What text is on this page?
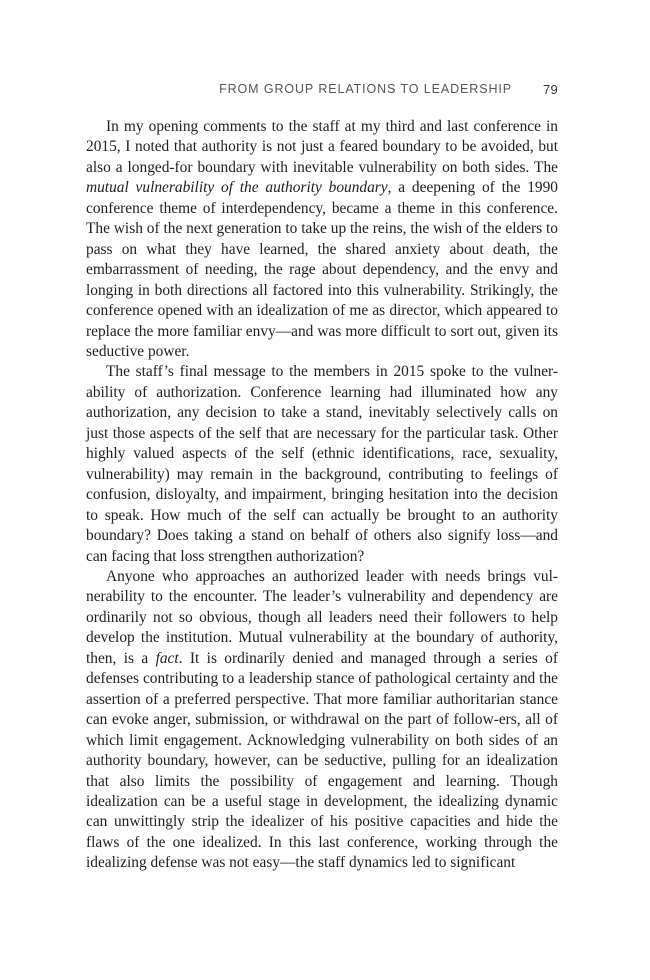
FROM GROUP RELATIONS TO LEADERSHIP 79

In my opening comments to the staff at my third and last conference in 2015, I noted that authority is not just a feared boundary to be avoided, but also a longed-for boundary with inevitable vulnerability on both sides. The mutual vulnerability of the authority boundary, a deepening of the 1990 conference theme of interdependency, became a theme in this conference. The wish of the next generation to take up the reins, the wish of the elders to pass on what they have learned, the shared anxiety about death, the embarrassment of needing, the rage about dependency, and the envy and longing in both directions all factored into this vulnerability. Strikingly, the conference opened with an idealization of me as director, which appeared to replace the more familiar envy—and was more difficult to sort out, given its seductive power.

The staff’s final message to the members in 2015 spoke to the vulner-ability of authorization. Conference learning had illuminated how any authorization, any decision to take a stand, inevitably selectively calls on just those aspects of the self that are necessary for the particular task. Other highly valued aspects of the self (ethnic identifications, race, sexuality, vulnerability) may remain in the background, contributing to feelings of confusion, disloyalty, and impairment, bringing hesitation into the decision to speak. How much of the self can actually be brought to an authority boundary? Does taking a stand on behalf of others also signify loss—and can facing that loss strengthen authorization?

Anyone who approaches an authorized leader with needs brings vul-nerability to the encounter. The leader’s vulnerability and dependency are ordinarily not so obvious, though all leaders need their followers to help develop the institution. Mutual vulnerability at the boundary of authority, then, is a fact. It is ordinarily denied and managed through a series of defenses contributing to a leadership stance of pathological certainty and the assertion of a preferred perspective. That more familiar authoritarian stance can evoke anger, submission, or withdrawal on the part of follow-ers, all of which limit engagement. Acknowledging vulnerability on both sides of an authority boundary, however, can be seductive, pulling for an idealization that also limits the possibility of engagement and learning. Though idealization can be a useful stage in development, the idealizing dynamic can unwittingly strip the idealizer of his positive capacities and hide the flaws of the one idealized. In this last conference, working through the idealizing defense was not easy—the staff dynamics led to significant
